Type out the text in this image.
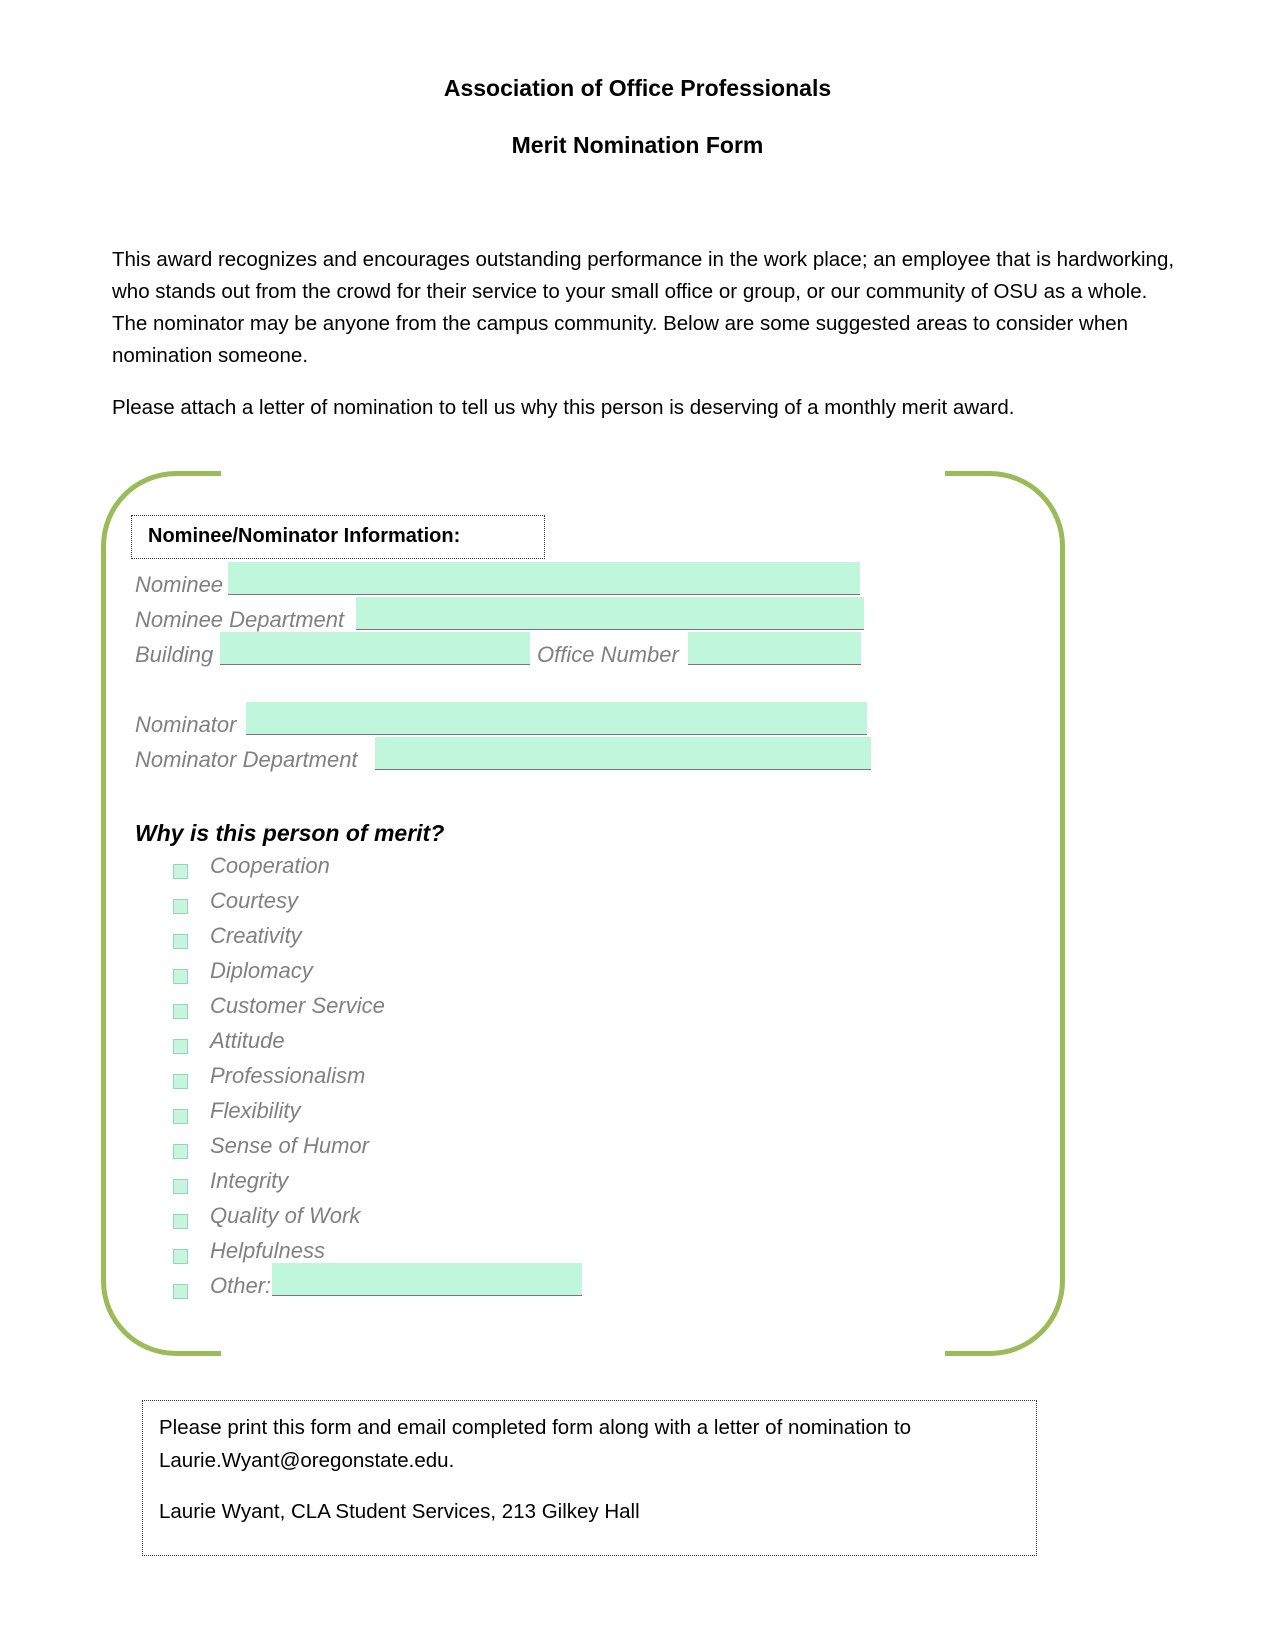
Association of Office Professionals
Merit Nomination Form
This award recognizes and encourages outstanding performance in the work place; an employee that is hardworking, who stands out from the crowd for their service to your small office or group, or our community of OSU as a whole. The nominator may be anyone from the campus community. Below are some suggested areas to consider when nomination someone.
Please attach a letter of nomination to tell us why this person is deserving of a monthly merit award.
Nominee/Nominator Information:
Nominee
Nominee Department
Building	Office Number
Nominator
Nominator Department
Why is this person of merit?
Cooperation
Courtesy
Creativity
Diplomacy
Customer Service
Attitude
Professionalism
Flexibility
Sense of Humor
Integrity
Quality of Work
Helpfulness
Other:

Please print this form and email completed form along with a letter of nomination to Laurie.Wyant@oregonstate.edu.

Laurie Wyant, CLA Student Services, 213 Gilkey Hall
